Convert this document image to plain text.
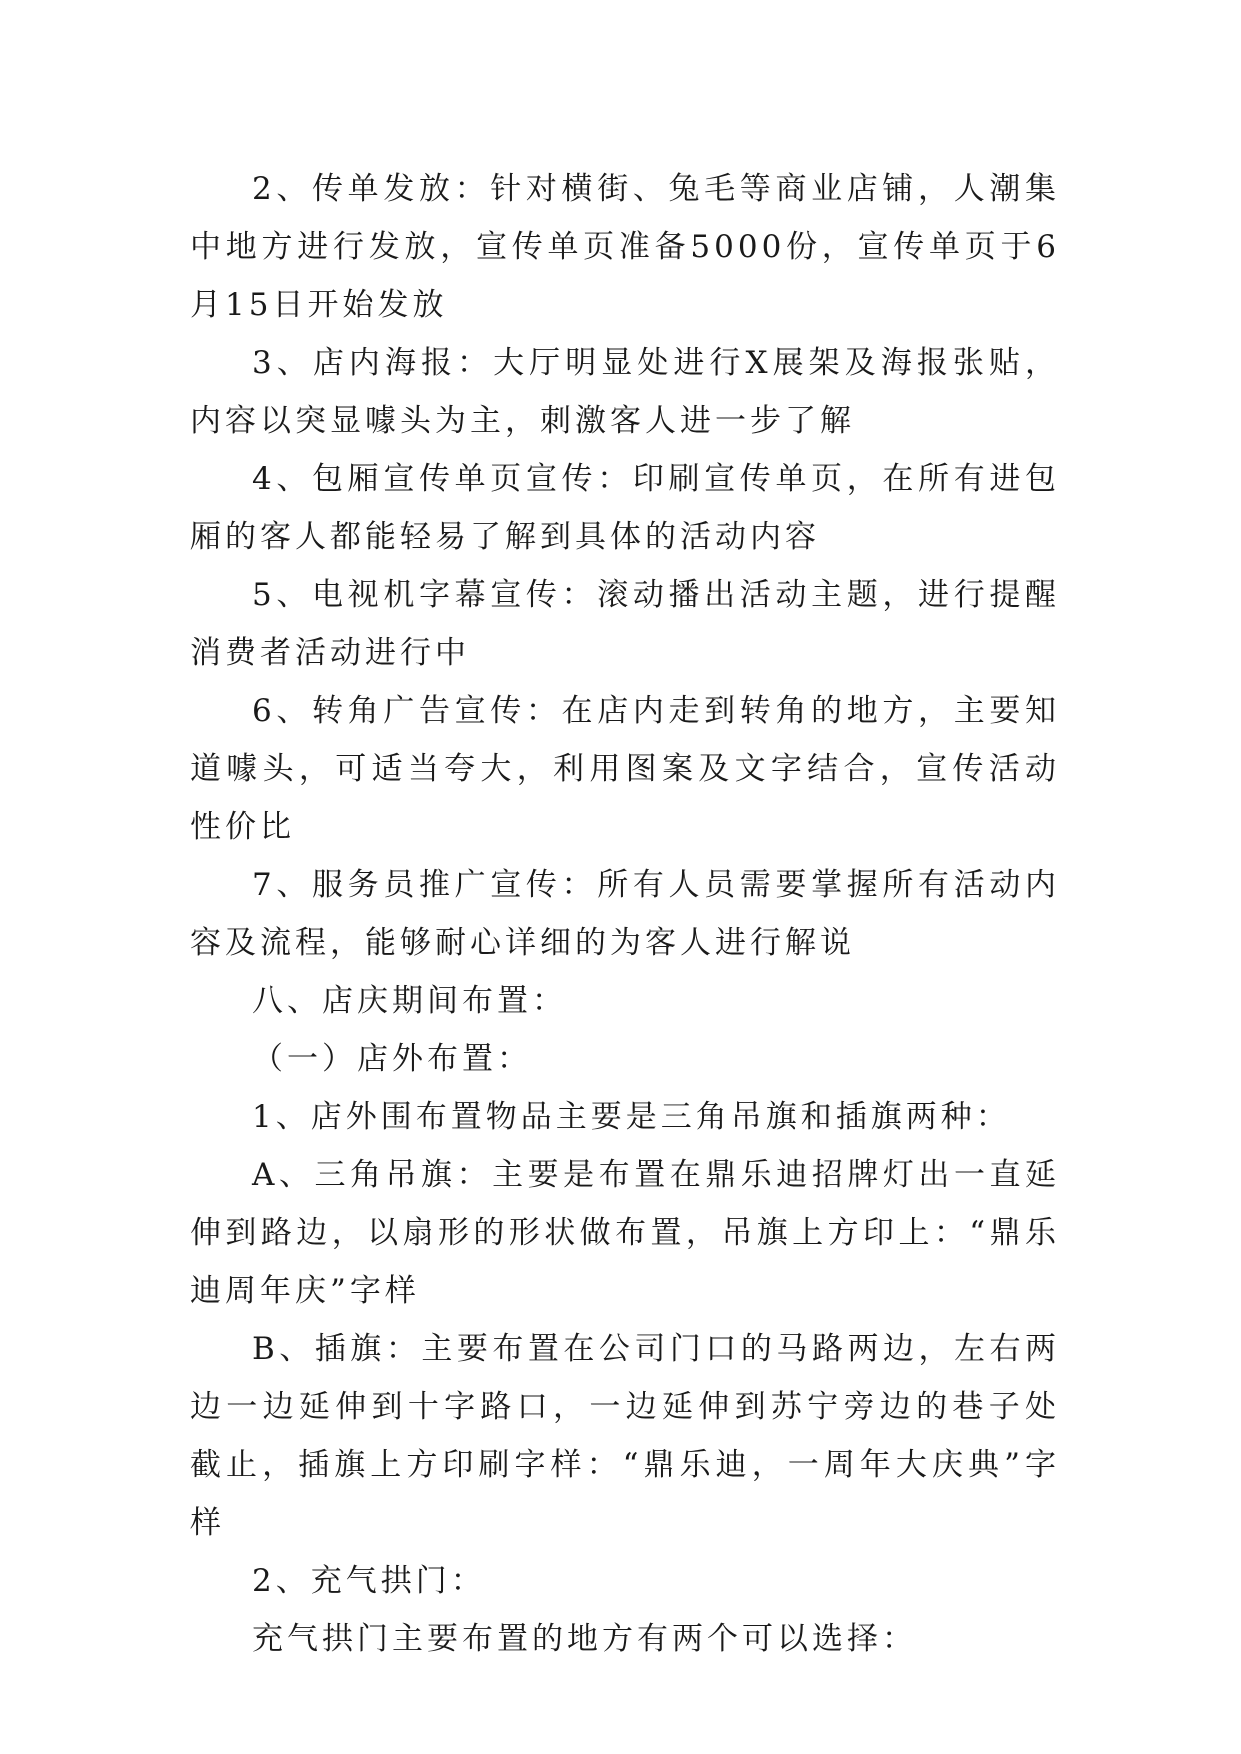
2、传单发放：针对横街、兔毛等商业店铺，人潮集中地方进行发放，宣传单页准备5000份，宣传单页于6月15日开始发放

3、店内海报：大厅明显处进行X展架及海报张贴，内容以突显噱头为主，刺激客人进一步了解

4、包厢宣传单页宣传：印刷宣传单页，在所有进包厢的客人都能轻易了解到具体的活动内容

5、电视机字幕宣传：滚动播出活动主题，进行提醒消费者活动进行中

6、转角广告宣传：在店内走到转角的地方，主要知道噱头，可适当夸大，利用图案及文字结合，宣传活动性价比

7、服务员推广宣传：所有人员需要掌握所有活动内容及流程，能够耐心详细的为客人进行解说

八、店庆期间布置：

（一）店外布置：

1、店外围布置物品主要是三角吊旗和插旗两种：

A、三角吊旗：主要是布置在鼎乐迪招牌灯出一直延伸到路边，以扇形的形状做布置，吊旗上方印上：“鼎乐迪周年庆”字样

B、插旗：主要布置在公司门口的马路两边，左右两边一边延伸到十字路口，一边延伸到苏宁旁边的巷子处截止，插旗上方印刷字样：“鼎乐迪，一周年大庆典”字样

2、充气拱门：

充气拱门主要布置的地方有两个可以选择：
